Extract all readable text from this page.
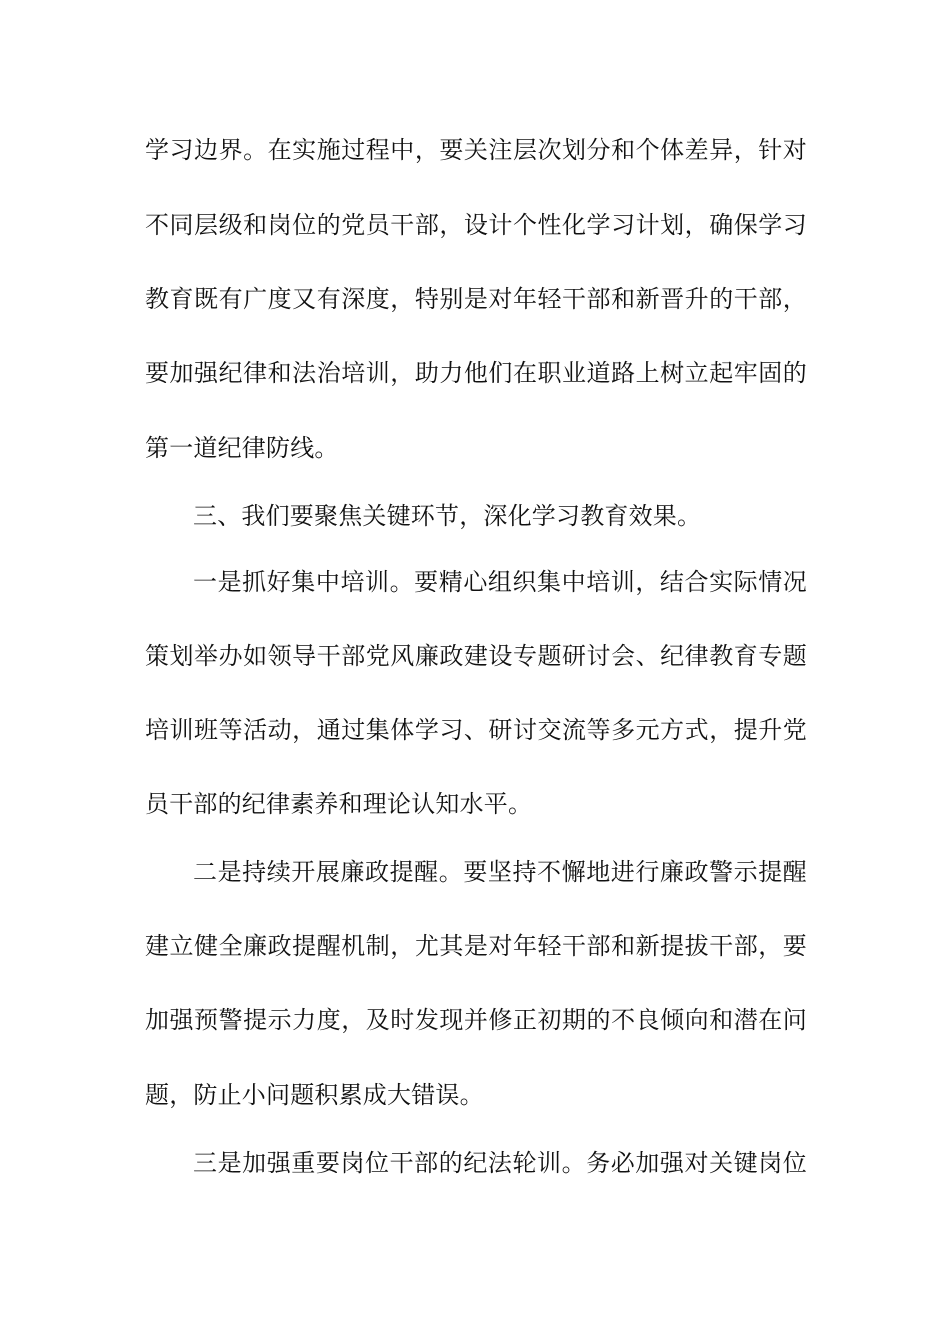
学习边界。在实施过程中，要关注层次划分和个体差异，针对
不同层级和岗位的党员干部，设计个性化学习计划，确保学习
教育既有广度又有深度，特别是对年轻干部和新晋升的干部，
要加强纪律和法治培训，助力他们在职业道路上树立起牢固的
第一道纪律防线。
三、我们要聚焦关键环节，深化学习教育效果。
一是抓好集中培训。要精心组织集中培训，结合实际情况
策划举办如领导干部党风廉政建设专题研讨会、纪律教育专题
培训班等活动，通过集体学习、研讨交流等多元方式，提升党
员干部的纪律素养和理论认知水平。
二是持续开展廉政提醒。要坚持不懈地进行廉政警示提醒
建立健全廉政提醒机制，尤其是对年轻干部和新提拔干部，要
加强预警提示力度，及时发现并修正初期的不良倾向和潜在问
题，防止小问题积累成大错误。
三是加强重要岗位干部的纪法轮训。务必加强对关键岗位
